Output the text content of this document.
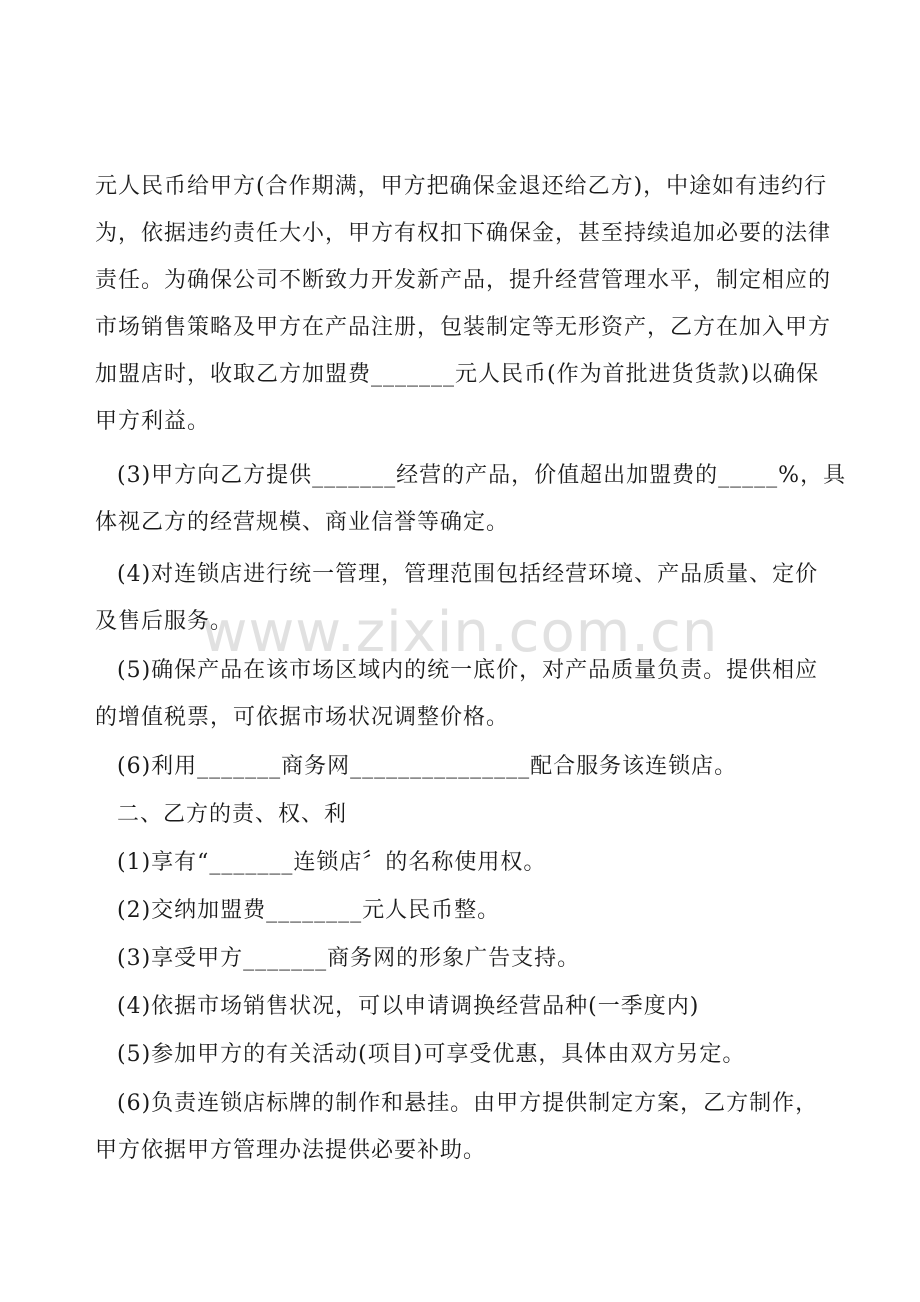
元人民币给甲方(合作期满，甲方把确保金退还给乙方)，中途如有违约行
为，依据违约责任大小，甲方有权扣下确保金，甚至持续追加必要的法律
责任。为确保公司不断致力开发新产品，提升经营管理水平，制定相应的
市场销售策略及甲方在产品注册，包装制定等无形资产，乙方在加入甲方
加盟店时，收取乙方加盟费_______元人民币(作为首批进货货款)以确保
甲方利益。
(3)甲方向乙方提供_______经营的产品，价值超出加盟费的_____%，具
体视乙方的经营规模、商业信誉等确定。
(4)对连锁店进行统一管理，管理范围包括经营环境、产品质量、定价
及售后服务。
(5)确保产品在该市场区域内的统一底价，对产品质量负责。提供相应
的增值税票，可依据市场状况调整价格。
(6)利用_______商务网_______________配合服务该连锁店。
二、乙方的责、权、利
(1)享有“_______连锁店〞的名称使用权。
(2)交纳加盟费________元人民币整。
(3)享受甲方_______商务网的形象广告支持。
(4)依据市场销售状况，可以申请调换经营品种(一季度内)
(5)参加甲方的有关活动(项目)可享受优惠，具体由双方另定。
(6)负责连锁店标牌的制作和悬挂。由甲方提供制定方案，乙方制作，
甲方依据甲方管理办法提供必要补助。
www.zixin.com.cn
